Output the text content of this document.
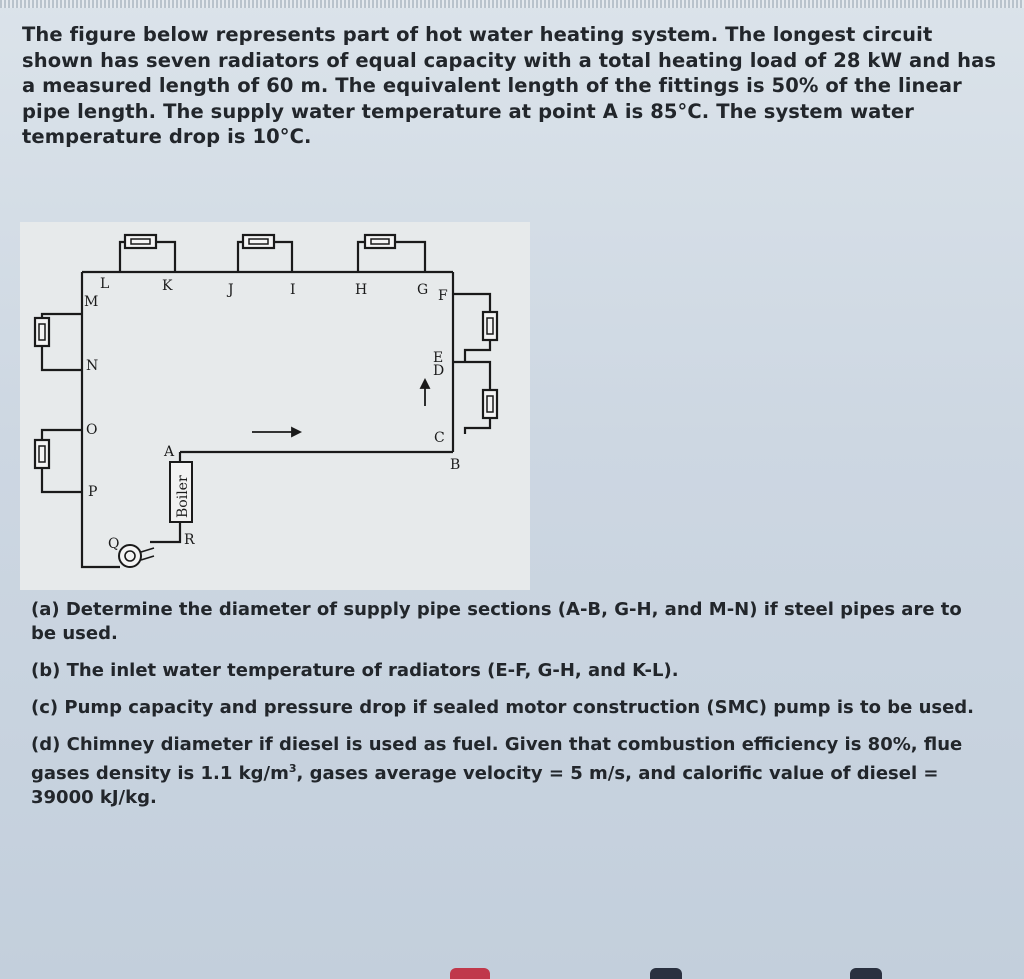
The figure below represents part of hot water heating system. The longest circuit shown has seven radiators of equal capacity with a total heating load of 28 kW and has a measured length of 60 m. The equivalent length of the fittings is 50% of the linear pipe length. The supply water temperature at point A is 85°C. The system water temperature drop is 10°C.
Boiler
L
M
K	J	I	H	G F
E
D
C
B
A
N
O
P
Q	R

(a) Determine the diameter of supply pipe sections (A-B, G-H, and M-N) if steel pipes are to be used.

(b) The inlet water temperature of radiators (E-F, G-H, and K-L).

(c) Pump capacity and pressure drop if sealed motor construction (SMC) pump is to be used.

(d) Chimney diameter if diesel is used as fuel. Given that combustion efficiency is 80%, flue gases density is 1.1 $kg/m^3$, gases average velocity = 5 m/s, and calorific value of diesel = 39000 kJ/kg.
